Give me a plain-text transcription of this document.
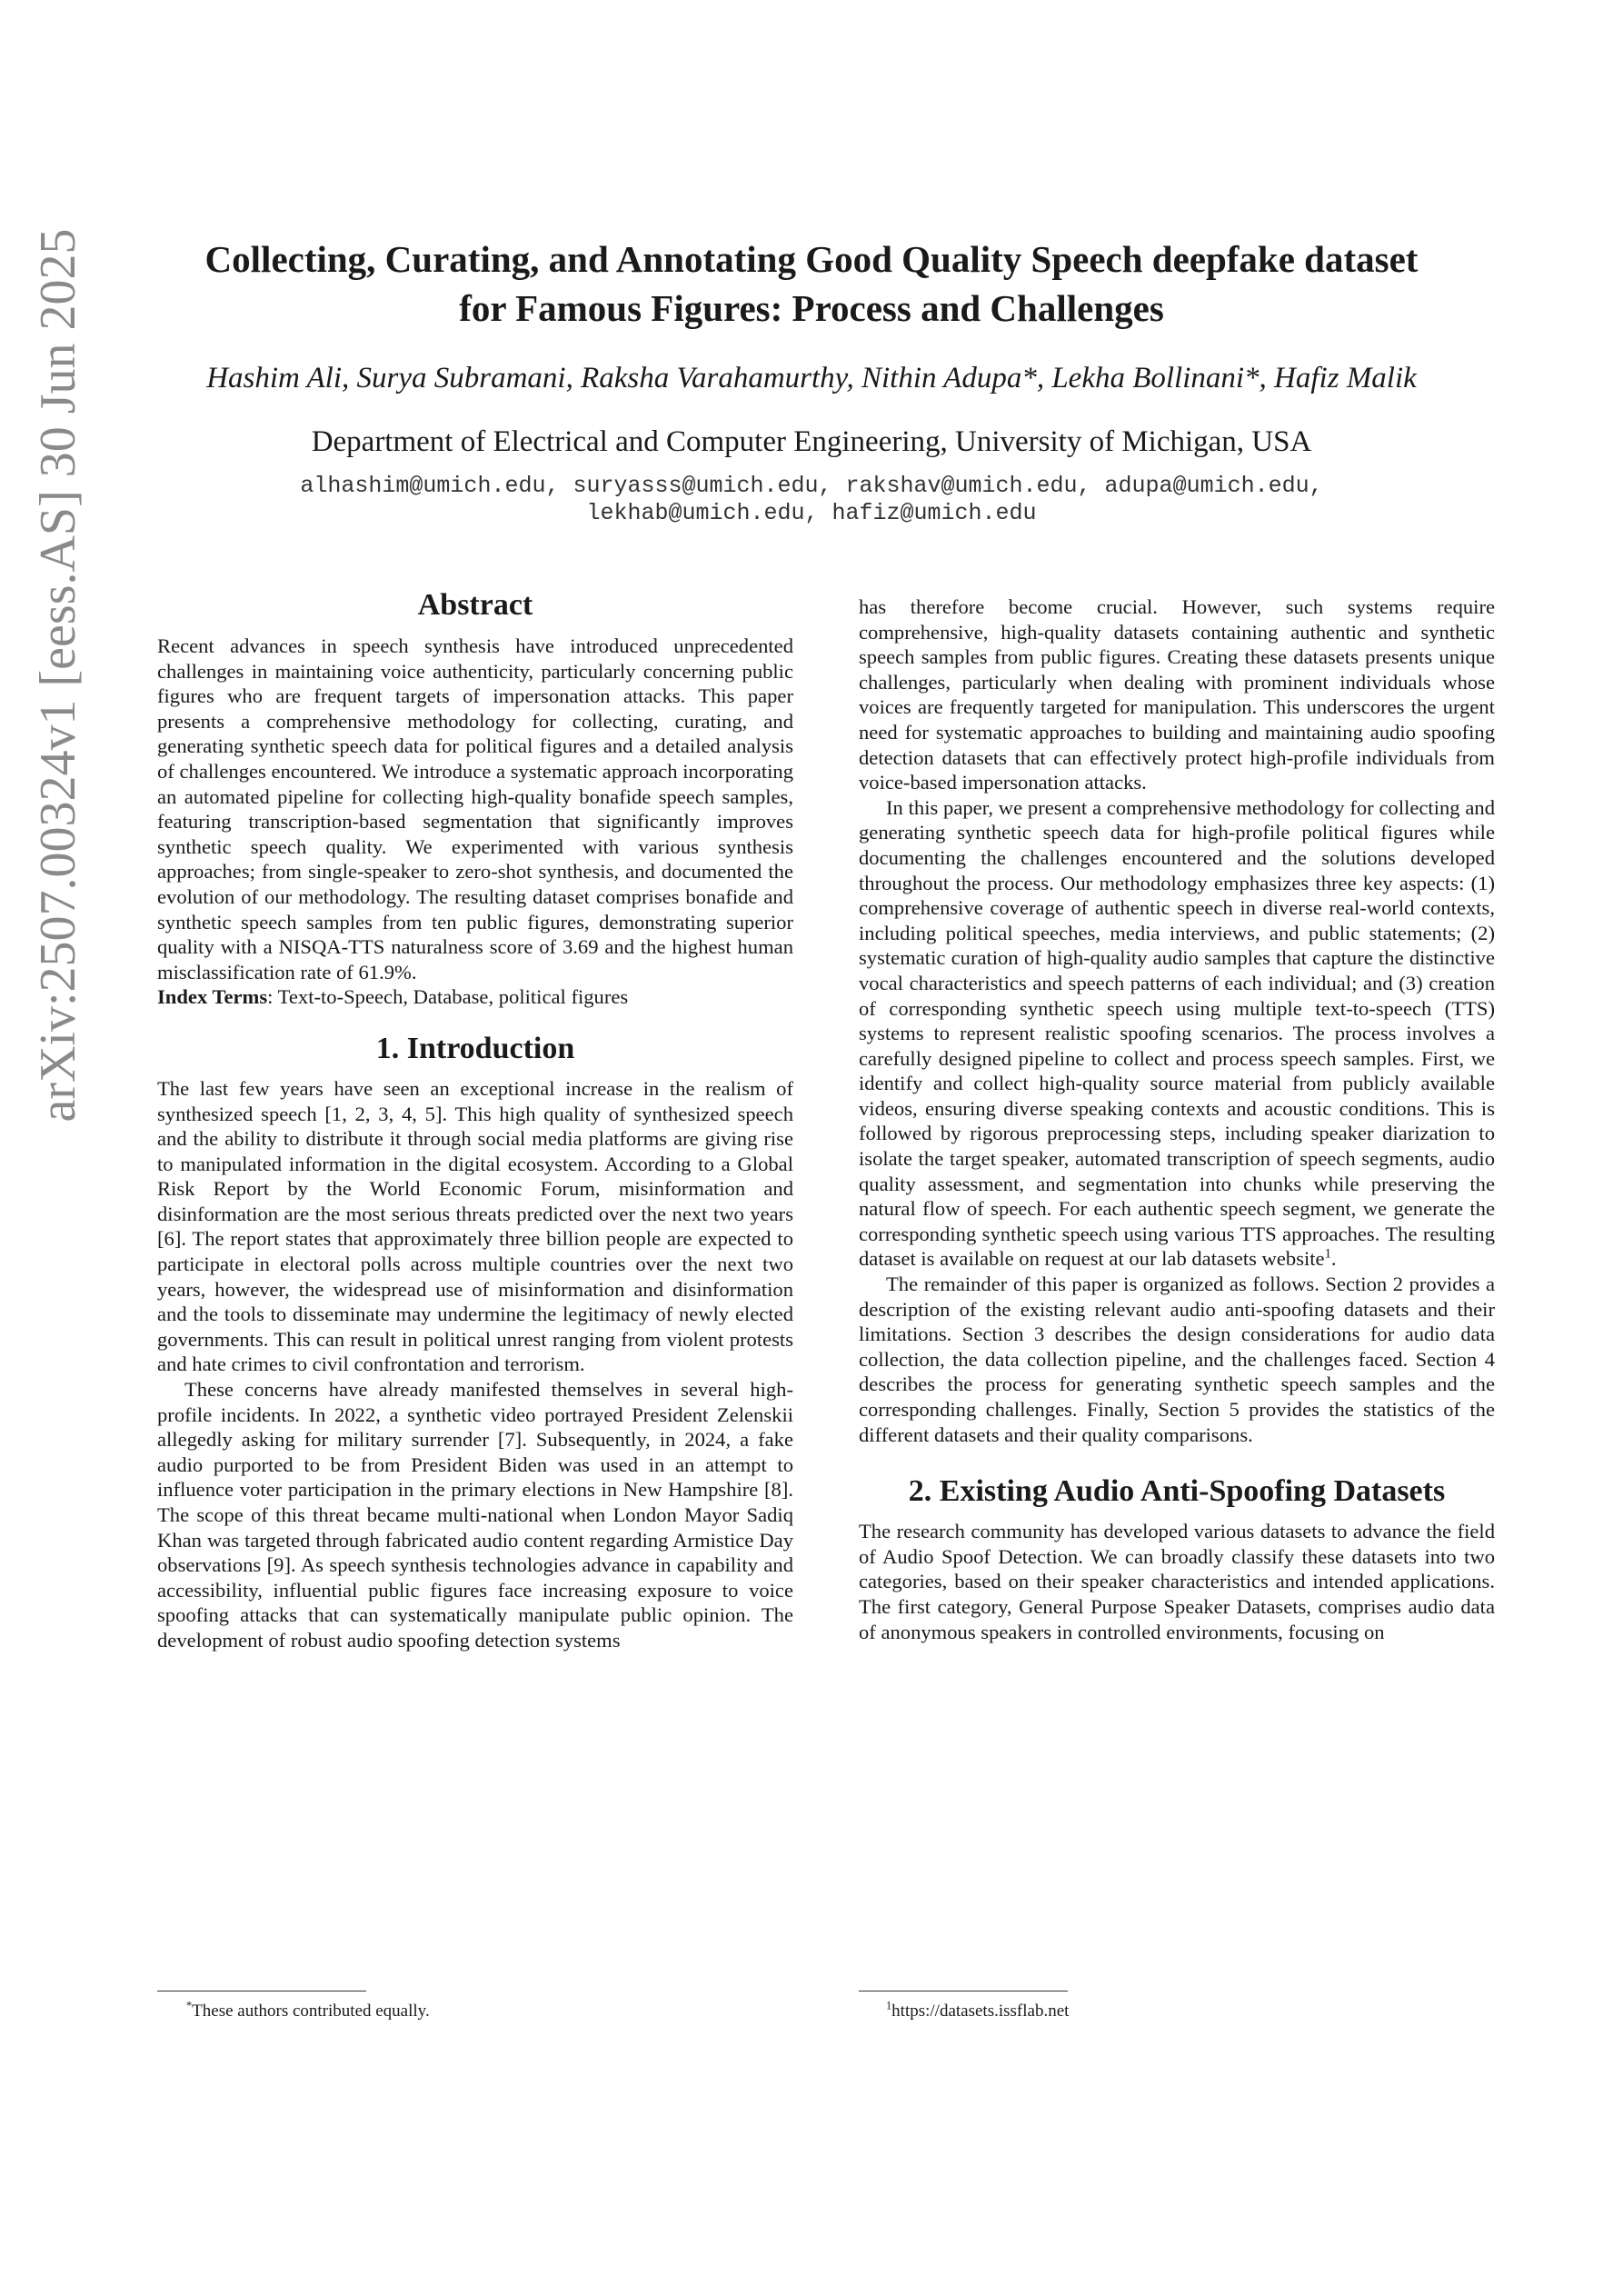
arXiv:2507.00324v1 [eess.AS] 30 Jun 2025	Collecting, Curating, and Annotating Good Quality Speech deepfake dataset
for Famous Figures: Process and Challenges
Hashim Ali, Surya Subramani, Raksha Varahamurthy, Nithin Adupa*, Lekha Bollinani*, Hafiz Malik
Department of Electrical and Computer Engineering, University of Michigan, USA
alhashim@umich.edu, suryasss@umich.edu, rakshav@umich.edu, adupa@umich.edu,
lekhab@umich.edu, hafiz@umich.edu
Abstract

Recent advances in speech synthesis have introduced unprecedented challenges in maintaining voice authenticity, particularly concerning public figures who are frequent targets of impersonation attacks. This paper presents a comprehensive methodology for collecting, curating, and generating synthetic speech data for political figures and a detailed analysis of challenges encountered. We introduce a systematic approach incorporating an automated pipeline for collecting high-quality bonafide speech samples, featuring transcription-based segmentation that significantly improves synthetic speech quality. We experimented with various synthesis approaches; from single-speaker to zero-shot synthesis, and documented the evolution of our methodology. The resulting dataset comprises bonafide and synthetic speech samples from ten public figures, demonstrating superior quality with a NISQA-TTS naturalness score of 3.69 and the highest human misclassification rate of 61.9%.

Index Terms: Text-to-Speech, Database, political figures

1. Introduction

The last few years have seen an exceptional increase in the realism of synthesized speech [1, 2, 3, 4, 5]. This high quality of synthesized speech and the ability to distribute it through social media platforms are giving rise to manipulated information in the digital ecosystem. According to a Global Risk Report by the World Economic Forum, misinformation and disinformation are the most serious threats predicted over the next two years [6]. The report states that approximately three billion people are expected to participate in electoral polls across multiple countries over the next two years, however, the widespread use of misinformation and disinformation and the tools to disseminate may undermine the legitimacy of newly elected governments. This can result in political unrest ranging from violent protests and hate crimes to civil confrontation and terrorism.

These concerns have already manifested themselves in several high-profile incidents. In 2022, a synthetic video portrayed President Zelenskii allegedly asking for military surrender [7]. Subsequently, in 2024, a fake audio purported to be from President Biden was used in an attempt to influence voter participation in the primary elections in New Hampshire [8]. The scope of this threat became multi-national when London Mayor Sadiq Khan was targeted through fabricated audio content regarding Armistice Day observations [9]. As speech synthesis technologies advance in capability and accessibility, influential public figures face increasing exposure to voice spoofing attacks that can systematically manipulate public opinion. The development of robust audio spoofing detection systems

has therefore become crucial. However, such systems require comprehensive, high-quality datasets containing authentic and synthetic speech samples from public figures. Creating these datasets presents unique challenges, particularly when dealing with prominent individuals whose voices are frequently targeted for manipulation. This underscores the urgent need for systematic approaches to building and maintaining audio spoofing detection datasets that can effectively protect high-profile individuals from voice-based impersonation attacks.

In this paper, we present a comprehensive methodology for collecting and generating synthetic speech data for high-profile political figures while documenting the challenges encountered and the solutions developed throughout the process. Our methodology emphasizes three key aspects: (1) comprehensive coverage of authentic speech in diverse real-world contexts, including political speeches, media interviews, and public statements; (2) systematic curation of high-quality audio samples that capture the distinctive vocal characteristics and speech patterns of each individual; and (3) creation of corresponding synthetic speech using multiple text-to-speech (TTS) systems to represent realistic spoofing scenarios. The process involves a carefully designed pipeline to collect and process speech samples. First, we identify and collect high-quality source material from publicly available videos, ensuring diverse speaking contexts and acoustic conditions. This is followed by rigorous preprocessing steps, including speaker diarization to isolate the target speaker, automated transcription of speech segments, audio quality assessment, and segmentation into chunks while preserving the natural flow of speech. For each authentic speech segment, we generate the corresponding synthetic speech using various TTS approaches. The resulting dataset is available on request at our lab datasets website$^1$.

The remainder of this paper is organized as follows. Section 2 provides a description of the existing relevant audio anti-spoofing datasets and their limitations. Section 3 describes the design considerations for audio data collection, the data collection pipeline, and the challenges faced. Section 4 describes the process for generating synthetic speech samples and the corresponding challenges. Finally, Section 5 provides the statistics of the different datasets and their quality comparisons.

2. Existing Audio Anti-Spoofing Datasets

The research community has developed various datasets to advance the field of Audio Spoof Detection. We can broadly classify these datasets into two categories, based on their speaker characteristics and intended applications. The first category, General Purpose Speaker Datasets, comprises audio data of anonymous speakers in controlled environments, focusing on

*These authors contributed equally.	$^1$https://datasets.issflab.net
